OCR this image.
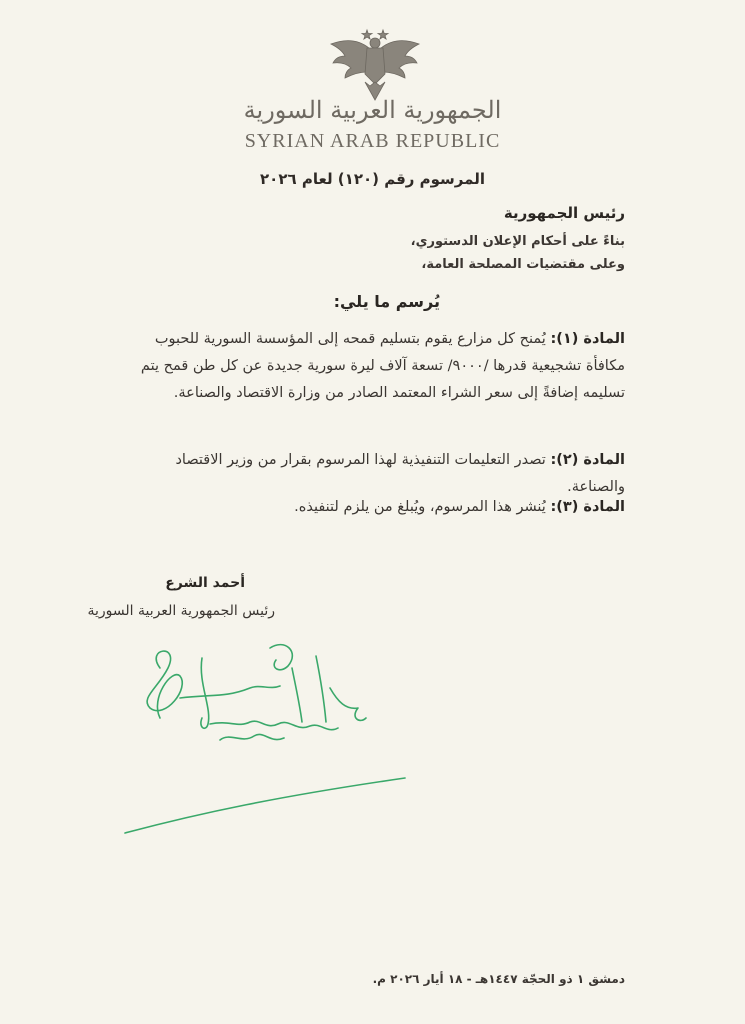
الجمهورية العربية السورية
SYRIAN ARAB REPUBLIC
المرسوم رقم (١٢٠) لعام ٢٠٢٦
رئيس الجمهورية
بناءً على أحكام الإعلان الدستوري،
وعلى مقتضيات المصلحة العامة،
يُرسم ما يلي:
المادة (١): يُمنح كل مزارع يقوم بتسليم قمحه إلى المؤسسة السورية للحبوب مكافأة تشجيعية قدرها /٩٠٠٠/ تسعة آلاف ليرة سورية جديدة عن كل طن قمح يتم تسليمه إضافةً إلى سعر الشراء المعتمد الصادر من وزارة الاقتصاد والصناعة.
المادة (٢): تصدر التعليمات التنفيذية لهذا المرسوم بقرار من وزير الاقتصاد والصناعة.
المادة (٣): يُنشر هذا المرسوم، ويُبلغ من يلزم لتنفيذه.
أحمد الشرع
رئيس الجمهورية العربية السورية
دمشق ١ ذو الحجّة ١٤٤٧هـ - ١٨ أيار ٢٠٢٦ م.
